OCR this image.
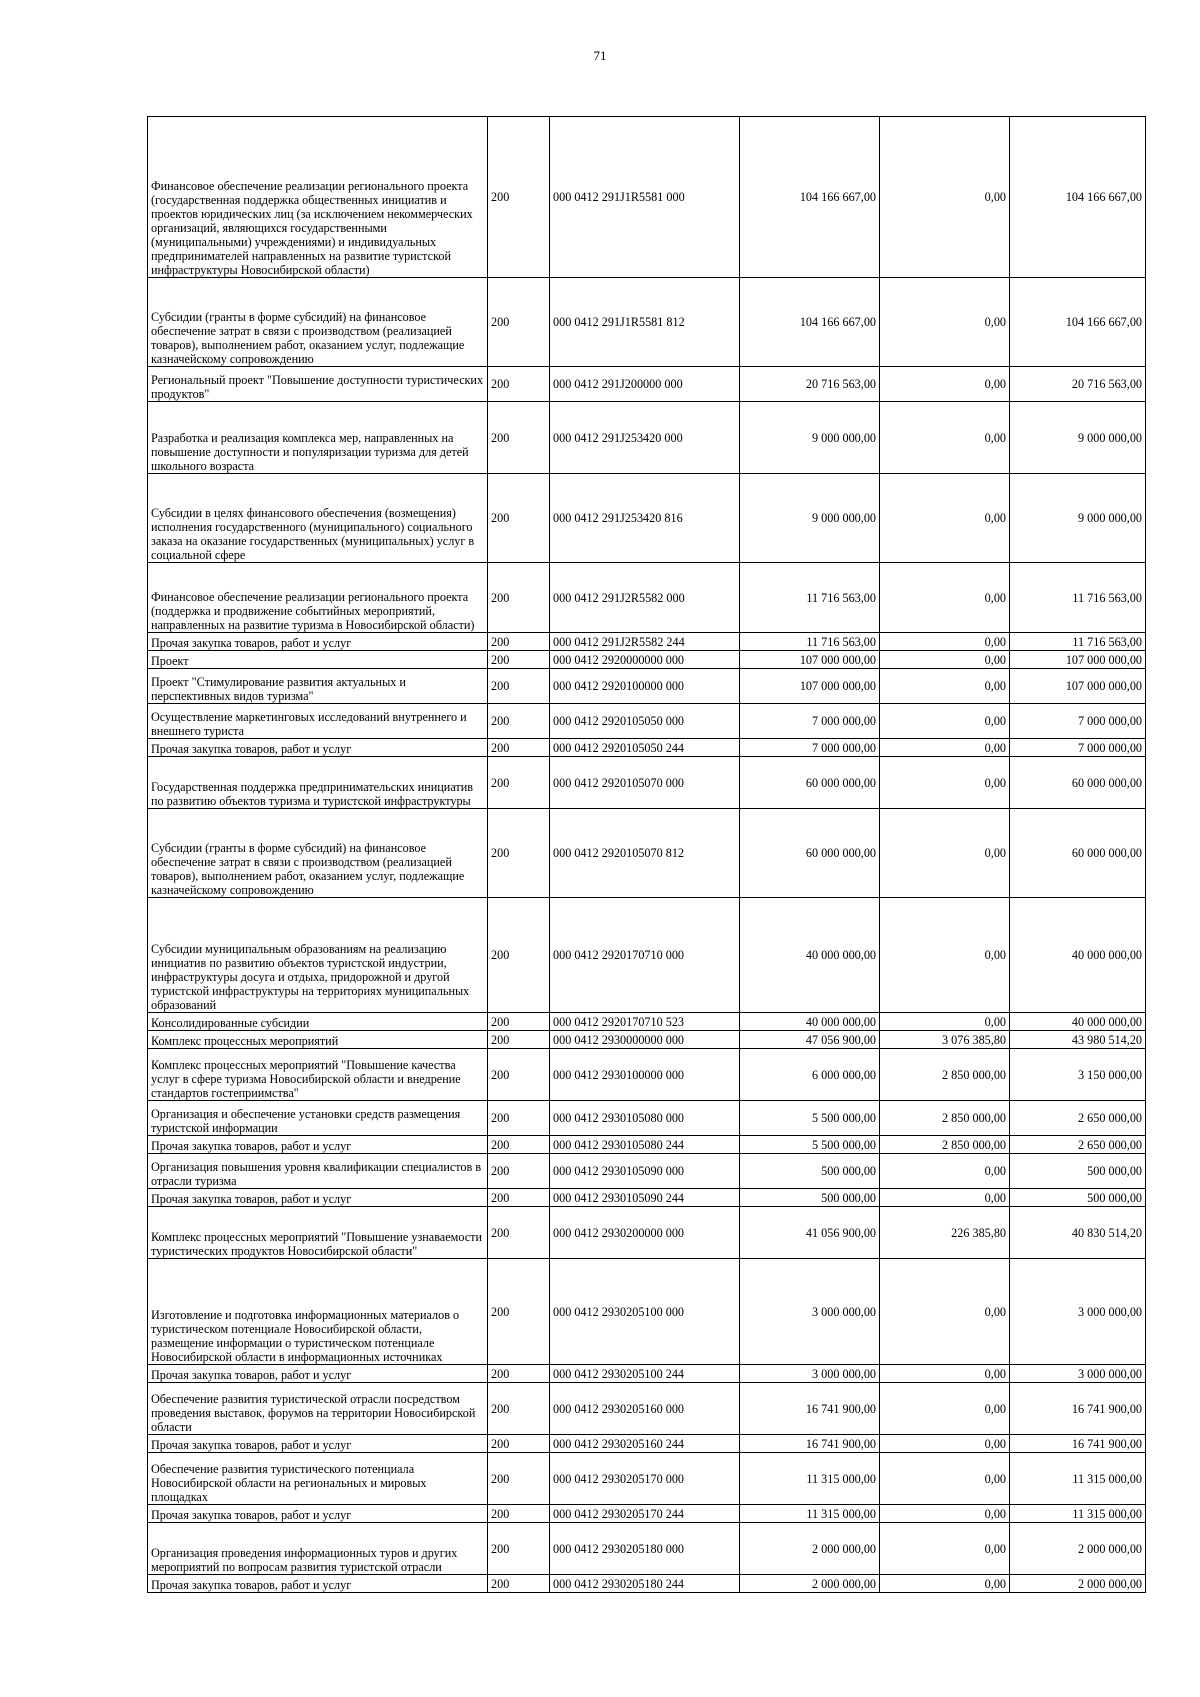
71
Финансовое обеспечение реализации регионального проекта (государственная поддержка общественных инициатив и проектов юридических лиц (за исключением некоммерческих организаций, являющихся государственными (муниципальными) учреждениями) и индивидуальных предпринимателей направленных на развитие туристской инфраструктуры Новосибирской области)	200	000 0412 291J1R5581 000	104 166 667,00	0,00	104 166 667,00
Субсидии (гранты в форме субсидий) на финансовое обеспечение затрат в связи с производством (реализацией товаров), выполнением работ, оказанием услуг, подлежащие казначейскому сопровождению	200	000 0412 291J1R5581 812	104 166 667,00	0,00	104 166 667,00
Региональный проект "Повышение доступности туристических продуктов"	200	000 0412 291J200000 000	20 716 563,00	0,00	20 716 563,00
Разработка и реализация комплекса мер, направленных на повышение доступности и популяризации туризма для детей школьного возраста	200	000 0412 291J253420 000	9 000 000,00	0,00	9 000 000,00
Субсидии в целях финансового обеспечения (возмещения) исполнения государственного (муниципального) социального заказа на оказание государственных (муниципальных) услуг в социальной сфере	200	000 0412 291J253420 816	9 000 000,00	0,00	9 000 000,00
Финансовое обеспечение реализации регионального проекта (поддержка и продвижение событийных мероприятий, направленных на развитие туризма в Новосибирской области)	200	000 0412 291J2R5582 000	11 716 563,00	0,00	11 716 563,00
Прочая закупка товаров, работ и услуг	200	000 0412 291J2R5582 244	11 716 563,00	0,00	11 716 563,00
Проект	200	000 0412 2920000000 000	107 000 000,00	0,00	107 000 000,00
Проект "Стимулирование развития актуальных и перспективных видов туризма"	200	000 0412 2920100000 000	107 000 000,00	0,00	107 000 000,00
Осуществление маркетинговых исследований внутреннего и внешнего туриста	200	000 0412 2920105050 000	7 000 000,00	0,00	7 000 000,00
Прочая закупка товаров, работ и услуг	200	000 0412 2920105050 244	7 000 000,00	0,00	7 000 000,00
Государственная поддержка предпринимательских инициатив по развитию объектов туризма и туристской инфраструктуры	200	000 0412 2920105070 000	60 000 000,00	0,00	60 000 000,00
Субсидии (гранты в форме субсидий) на финансовое обеспечение затрат в связи с производством (реализацией товаров), выполнением работ, оказанием услуг, подлежащие казначейскому сопровождению	200	000 0412 2920105070 812	60 000 000,00	0,00	60 000 000,00
Субсидии муниципальным образованиям на реализацию инициатив по развитию объектов туристской индустрии, инфраструктуры досуга и отдыха, придорожной и другой туристской инфраструктуры на территориях муниципальных образований	200	000 0412 2920170710 000	40 000 000,00	0,00	40 000 000,00
Консолидированные субсидии	200	000 0412 2920170710 523	40 000 000,00	0,00	40 000 000,00
Комплекс процессных мероприятий	200	000 0412 2930000000 000	47 056 900,00	3 076 385,80	43 980 514,20
Комплекс процессных мероприятий "Повышение качества услуг в сфере туризма Новосибирской области и внедрение стандартов гостеприимства"	200	000 0412 2930100000 000	6 000 000,00	2 850 000,00	3 150 000,00
Организация и обеспечение установки средств размещения туристской информации	200	000 0412 2930105080 000	5 500 000,00	2 850 000,00	2 650 000,00
Прочая закупка товаров, работ и услуг	200	000 0412 2930105080 244	5 500 000,00	2 850 000,00	2 650 000,00
Организация повышения уровня квалификации специалистов в отрасли туризма	200	000 0412 2930105090 000	500 000,00	0,00	500 000,00
Прочая закупка товаров, работ и услуг	200	000 0412 2930105090 244	500 000,00	0,00	500 000,00
Комплекс процессных мероприятий "Повышение узнаваемости туристических продуктов Новосибирской области"	200	000 0412 2930200000 000	41 056 900,00	226 385,80	40 830 514,20
Изготовление и подготовка информационных материалов о туристическом потенциале Новосибирской области, размещение информации о туристическом потенциале Новосибирской области в информационных источниках	200	000 0412 2930205100 000	3 000 000,00	0,00	3 000 000,00
Прочая закупка товаров, работ и услуг	200	000 0412 2930205100 244	3 000 000,00	0,00	3 000 000,00
Обеспечение развития туристической отрасли посредством проведения выставок, форумов на территории Новосибирской области	200	000 0412 2930205160 000	16 741 900,00	0,00	16 741 900,00
Прочая закупка товаров, работ и услуг	200	000 0412 2930205160 244	16 741 900,00	0,00	16 741 900,00
Обеспечение развития туристического потенциала Новосибирской области на региональных и мировых площадках	200	000 0412 2930205170 000	11 315 000,00	0,00	11 315 000,00
Прочая закупка товаров, работ и услуг	200	000 0412 2930205170 244	11 315 000,00	0,00	11 315 000,00
Организация проведения информационных туров и других мероприятий по вопросам развития туристской отрасли	200	000 0412 2930205180 000	2 000 000,00	0,00	2 000 000,00
Прочая закупка товаров, работ и услуг	200	000 0412 2930205180 244	2 000 000,00	0,00	2 000 000,00
